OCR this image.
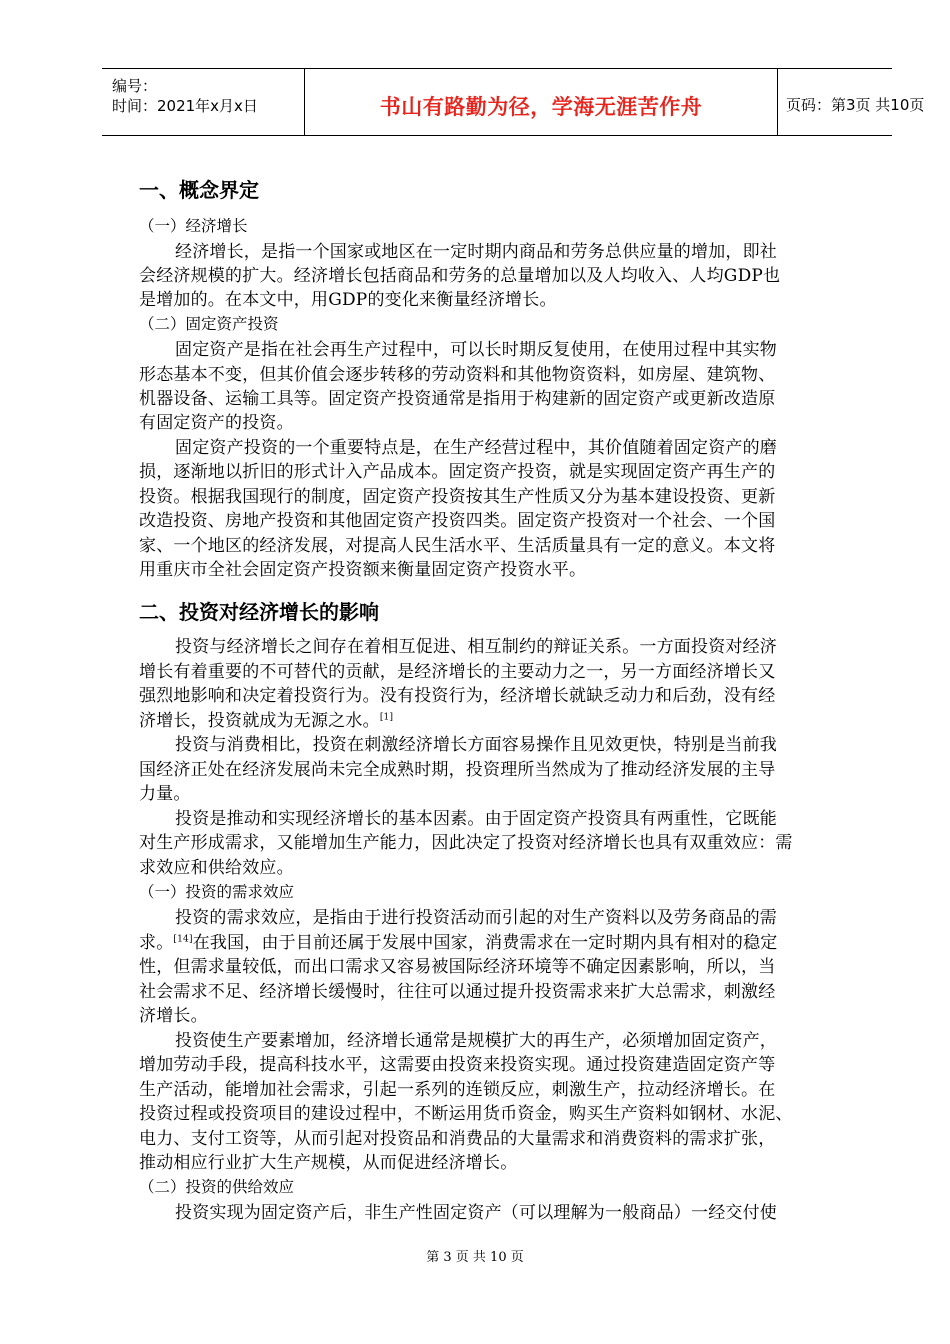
编号：
时间：2021年x月x日	书山有路勤为径，学海无涯苦作舟	页码：第3页 共10页
一、概念界定
（一）经济增长
经济增长，是指一个国家或地区在一定时期内商品和劳务总供应量的增加，即社
会经济规模的扩大。经济增长包括商品和劳务的总量增加以及人均收入、人均GDP也
是增加的。在本文中，用GDP的变化来衡量经济增长。
（二）固定资产投资
固定资产是指在社会再生产过程中，可以长时期反复使用，在使用过程中其实物
形态基本不变，但其价值会逐步转移的劳动资料和其他物资资料，如房屋、建筑物、
机器设备、运输工具等。固定资产投资通常是指用于构建新的固定资产或更新改造原
有固定资产的投资。
固定资产投资的一个重要特点是，在生产经营过程中，其价值随着固定资产的磨
损，逐渐地以折旧的形式计入产品成本。固定资产投资，就是实现固定资产再生产的
投资。根据我国现行的制度，固定资产投资按其生产性质又分为基本建设投资、更新
改造投资、房地产投资和其他固定资产投资四类。固定资产投资对一个社会、一个国
家、一个地区的经济发展，对提高人民生活水平、生活质量具有一定的意义。本文将
用重庆市全社会固定资产投资额来衡量固定资产投资水平。
二、投资对经济增长的影响
投资与经济增长之间存在着相互促进、相互制约的辩证关系。一方面投资对经济
增长有着重要的不可替代的贡献，是经济增长的主要动力之一，另一方面经济增长又
强烈地影响和决定着投资行为。没有投资行为，经济增长就缺乏动力和后劲，没有经
济增长，投资就成为无源之水。[1]
投资与消费相比，投资在刺激经济增长方面容易操作且见效更快，特别是当前我
国经济正处在经济发展尚未完全成熟时期，投资理所当然成为了推动经济发展的主导
力量。
投资是推动和实现经济增长的基本因素。由于固定资产投资具有两重性，它既能
对生产形成需求，又能增加生产能力，因此决定了投资对经济增长也具有双重效应：需
求效应和供给效应。
（一）投资的需求效应
投资的需求效应，是指由于进行投资活动而引起的对生产资料以及劳务商品的需
求。[14]在我国，由于目前还属于发展中国家，消费需求在一定时期内具有相对的稳定
性，但需求量较低，而出口需求又容易被国际经济环境等不确定因素影响，所以，当
社会需求不足、经济增长缓慢时，往往可以通过提升投资需求来扩大总需求，刺激经
济增长。
投资使生产要素增加，经济增长通常是规模扩大的再生产，必须增加固定资产，
增加劳动手段，提高科技水平，这需要由投资来投资实现。通过投资建造固定资产等
生产活动，能增加社会需求，引起一系列的连锁反应，刺激生产，拉动经济增长。在
投资过程或投资项目的建设过程中，不断运用货币资金，购买生产资料如钢材、水泥、
电力、支付工资等，从而引起对投资品和消费品的大量需求和消费资料的需求扩张，
推动相应行业扩大生产规模，从而促进经济增长。
（二）投资的供给效应
投资实现为固定资产后，非生产性固定资产（可以理解为一般商品）一经交付使
第 3 页 共 10 页
